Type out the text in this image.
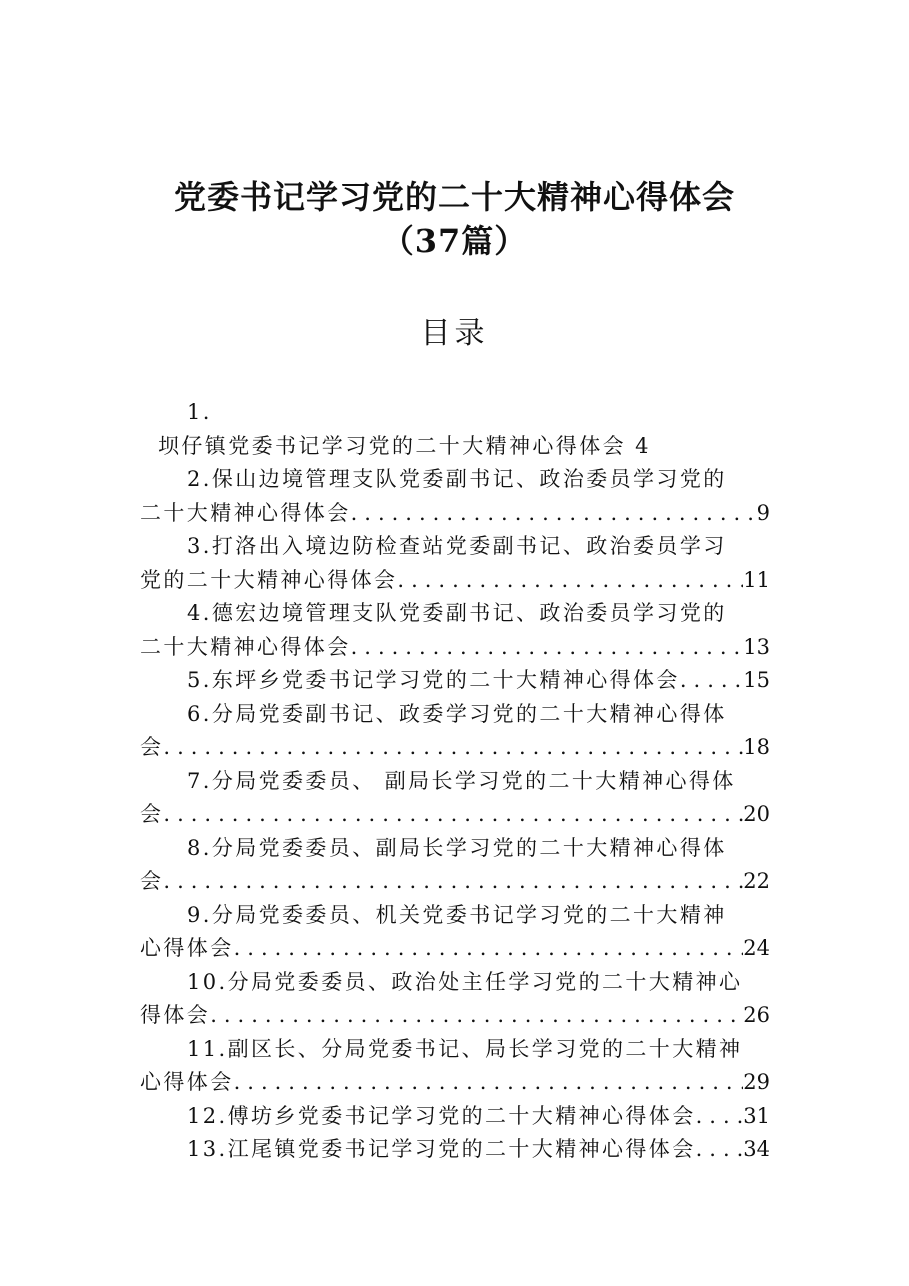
党委书记学习党的二十大精神心得体会
（37篇）
目录
1.
坝仔镇党委书记学习党的二十大精神心得体会 4
2.保山边境管理支队党委副书记、政治委员学习党的
二十大精神心得体会 .....	9
3.打洛出入境边防检查站党委副书记、政治委员学习
党的二十大精神心得体会 .....	11
4.德宏边境管理支队党委副书记、政治委员学习党的
二十大精神心得体会 .....	13
5.东坪乡党委书记学习党的二十大精神心得体会 .....	15
6.分局党委副书记、政委学习党的二十大精神心得体
会 .....	18
7.分局党委委员、 副局长学习党的二十大精神心得体
会 .....	20
8.分局党委委员、副局长学习党的二十大精神心得体
会 .....	22
9.分局党委委员、机关党委书记学习党的二十大精神
心得体会 .....	24
10.分局党委委员、政治处主任学习党的二十大精神心
得体会 .....	26
11.副区长、分局党委书记、局长学习党的二十大精神
心得体会 .....	29
12.傅坊乡党委书记学习党的二十大精神心得体会 ..... 31
13.江尾镇党委书记学习党的二十大精神心得体会 ..... 34
